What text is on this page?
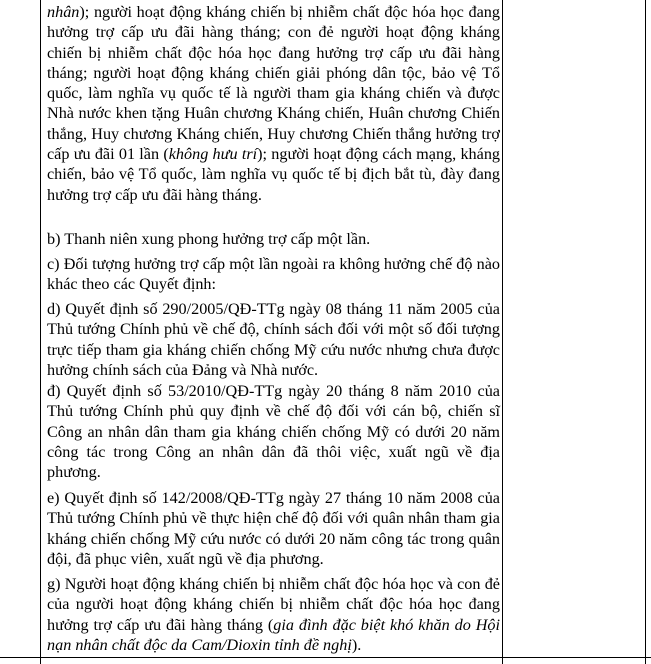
nhân); người hoạt động kháng chiến bị nhiễm chất độc hóa học đang hưởng trợ cấp ưu đãi hàng tháng; con đẻ người hoạt động kháng chiến bị nhiễm chất độc hóa học đang hưởng trợ cấp ưu đãi hàng tháng; người hoạt động kháng chiến giải phóng dân tộc, bảo vệ Tổ quốc, làm nghĩa vụ quốc tế là người tham gia kháng chiến và được Nhà nước khen tặng Huân chương Kháng chiến, Huân chương Chiến thắng, Huy chương Kháng chiến, Huy chương Chiến thắng hưởng trợ cấp ưu đãi 01 lần (không hưu trí); người hoạt động cách mạng, kháng chiến, bảo vệ Tổ quốc, làm nghĩa vụ quốc tế bị địch bắt tù, đày đang hưởng trợ cấp ưu đãi hàng tháng.
b) Thanh niên xung phong hưởng trợ cấp một lần.
c) Đối tượng hưởng trợ cấp một lần ngoài ra không hưởng chế độ nào khác theo các Quyết định:
d) Quyết định số 290/2005/QĐ-TTg ngày 08 tháng 11 năm 2005 của Thủ tướng Chính phủ về chế độ, chính sách đối với một số đối tượng trực tiếp tham gia kháng chiến chống Mỹ cứu nước nhưng chưa được hưởng chính sách của Đảng và Nhà nước.
đ) Quyết định số 53/2010/QĐ-TTg ngày 20 tháng 8 năm 2010 của Thủ tướng Chính phủ quy định về chế độ đối với cán bộ, chiến sĩ Công an nhân dân tham gia kháng chiến chống Mỹ có dưới 20 năm công tác trong Công an nhân dân đã thôi việc, xuất ngũ về địa phương.
e) Quyết định số 142/2008/QĐ-TTg ngày 27 tháng 10 năm 2008 của Thủ tướng Chính phủ về thực hiện chế độ đối với quân nhân tham gia kháng chiến chống Mỹ cứu nước có dưới 20 năm công tác trong quân đội, đã phục viên, xuất ngũ về địa phương.
g) Người hoạt động kháng chiến bị nhiễm chất độc hóa học và con đẻ của người hoạt động kháng chiến bị nhiễm chất độc hóa học đang hưởng trợ cấp ưu đãi hàng tháng (gia đình đặc biệt khó khăn do Hội nạn nhân chất độc da Cam/Dioxin tỉnh đề nghị).
